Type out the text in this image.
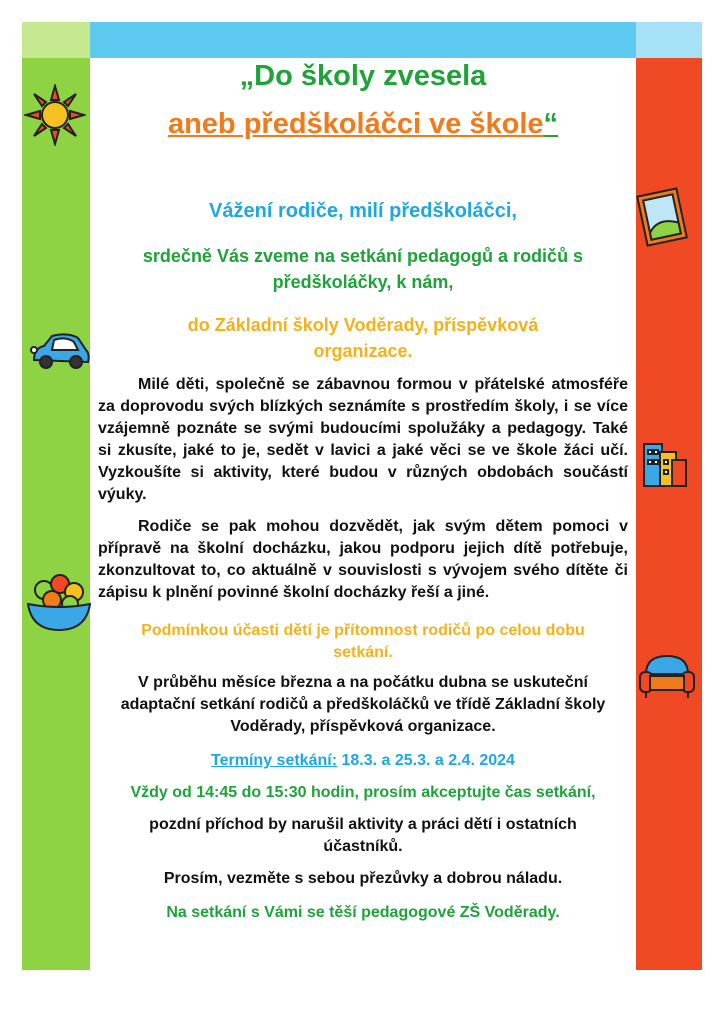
„Do školy zvesela
aneb předškoláčci ve škole“
Vážení rodiče, milí předškoláčci,
srdečně Vás zveme na setkání pedagogů a rodičů s předškoláčky, k nám,
do Základní školy Voděrady, příspěvková organizace.
Milé děti, společně se zábavnou formou v přátelské atmosféře za doprovodu svých blízkých seznámíte s prostředím školy, i se více vzájemně poznáte se svými budoucími spolužáky a pedagogy. Také si zkusíte, jaké to je, sedět v lavici a jaké věci se ve škole žáci učí. Vyzkoušíte si aktivity, které budou v různých obdobách součástí výuky.
Rodiče se pak mohou dozvědět, jak svým dětem pomoci v přípravě na školní docházku, jakou podporu jejich dítě potřebuje, zkonzultovat to, co aktuálně v souvislosti s vývojem svého dítěte či zápisu k plnění povinné školní docházky řeší a jiné.
Podmínkou účasti dětí je přítomnost rodičů po celou dobu setkání.
V průběhu měsíce března a na počátku dubna se uskuteční adaptační setkání rodičů a předškoláčků ve třídě Základní školy Voděrady, příspěvková organizace.
Termíny setkání: 18.3. a 25.3. a 2.4. 2024
Vždy od 14:45 do 15:30 hodin, prosím akceptujte čas setkání,
pozdní příchod by narušil aktivity a práci dětí i ostatních účastníků.
Prosím, vezměte s sebou přezůvky a dobrou náladu.
Na setkání s Vámi se těší pedagogové ZŠ Voděrady.
